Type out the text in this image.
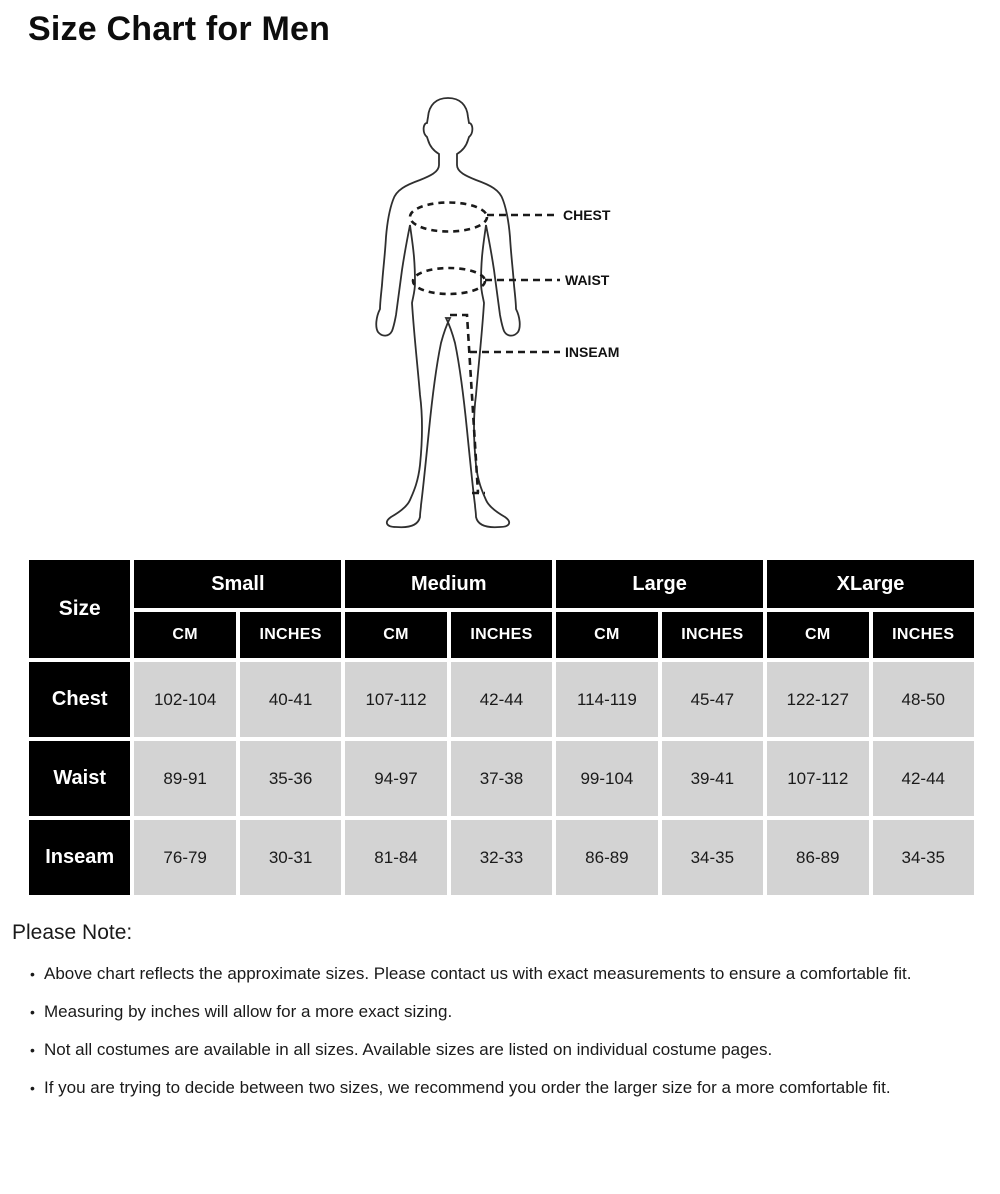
Size Chart for Men
CHEST
WAIST
INSEAM
Size	Small		Medium		Large		XLarge	
	CM	INCHES	CM	INCHES	CM	INCHES	CM	INCHES
Chest	102-104	40-41	107-112	42-44	114-119	45-47	122-127	48-50
Waist	89-91	35-36	94-97	37-38	99-104	39-41	107-112	42-44
Inseam	76-79	30-31	81-84	32-33	86-89	34-35	86-89	34-35
Please Note:
• Above chart reflects the approximate sizes. Please contact us with exact measurements to ensure a comfortable fit.
• Measuring by inches will allow for a more exact sizing.
• Not all costumes are available in all sizes. Available sizes are listed on individual costume pages.
• If you are trying to decide between two sizes, we recommend you order the larger size for a more comfortable fit.
